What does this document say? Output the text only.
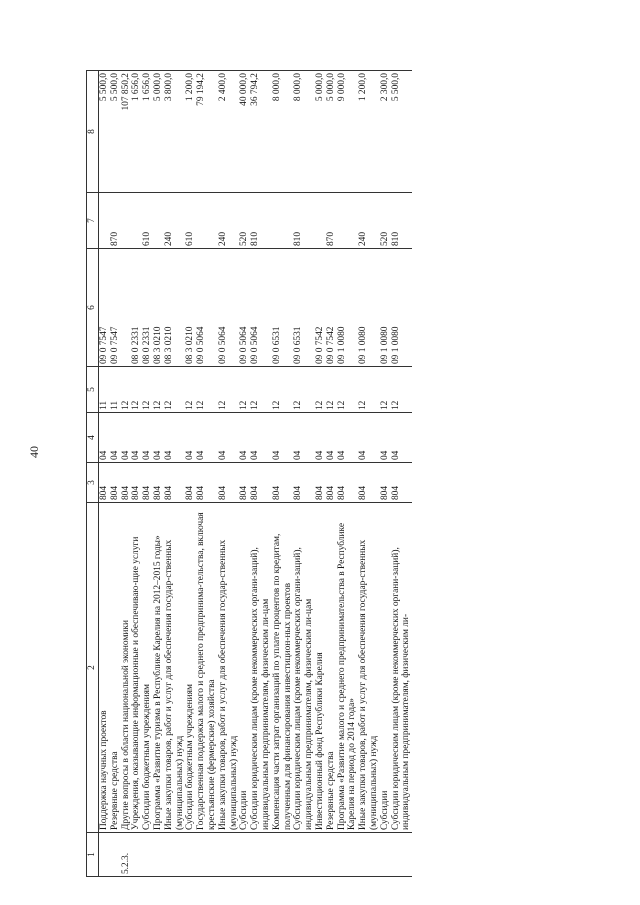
40
1	2	3	4	5	6	7	8
	Поддержка научных проектов	804	04	11	09 0 7547		5 500,0
	Резервные средства	804	04	11	09 0 7547	870	5 500,0
5.2.3.	Другие вопросы в области национальной экономики	804	04	12			107 850,2
	Учреждения, оказывающие информационные и обеспечиваю-щие услуги	804	04	12	08 0 2331		1 656,0
	Субсидии бюджетным учреждениям	804	04	12	08 0 2331	610	1 656,0
	Программа «Развитие туризма в Республике Карелия на 2012–2015 годы»	804	04	12	08 3 0210		5 000,0
	Иные закупки товаров, работ и услуг для обеспечения государ-ственных (муниципальных) нужд	804	04	12	08 3 0210	240	3 800,0
	Субсидии бюджетным учреждениям	804	04	12	08 3 0210	610	1 200,0
	Государственная поддержка малого и среднего предпринима-тельства, включая крестьянские (фермерские) хозяйства	804	04	12	09 0 5064		79 194,2
	Иные закупки товаров, работ и услуг для обеспечения государ-ственных (муниципальных) нужд	804	04	12	09 0 5064	240	2 400,0
	Субсидии	804	04	12	09 0 5064	520	40 000,0
	Субсидии юридическим лицам (кроме некоммерческих органи-заций), индивидуальным предпринимателям, физическим ли-цам	804	04	12	09 0 5064	810	36 794,2
	Компенсация части затрат организаций по уплате процентов по кредитам, полученным для финансирования инвестицион-ных проектов	804	04	12	09 0 6531		8 000,0
	Субсидии юридическим лицам (кроме некоммерческих органи-заций), индивидуальным предпринимателям, физическим ли-цам	804	04	12	09 0 6531	810	8 000,0
	Инвестиционный фонд Республики Карелия	804	04	12	09 0 7542		5 000,0
	Резервные средства	804	04	12	09 0 7542	870	5 000,0
	Программа «Развитие малого и среднего предпринимательства в Республике Карелия на период до 2014 года»	804	04	12	09 1 0080		9 000,0
	Иные закупки товаров, работ и услуг для обеспечения государ-ственных (муниципальных) нужд	804	04	12	09 1 0080	240	1 200,0
	Субсидии	804	04	12	09 1 0080	520	2 300,0
	Субсидии юридическим лицам (кроме некоммерческих органи-заций), индивидуальным предпринимателям, физическим ли-	804	04	12	09 1 0080	810	5 500,0
